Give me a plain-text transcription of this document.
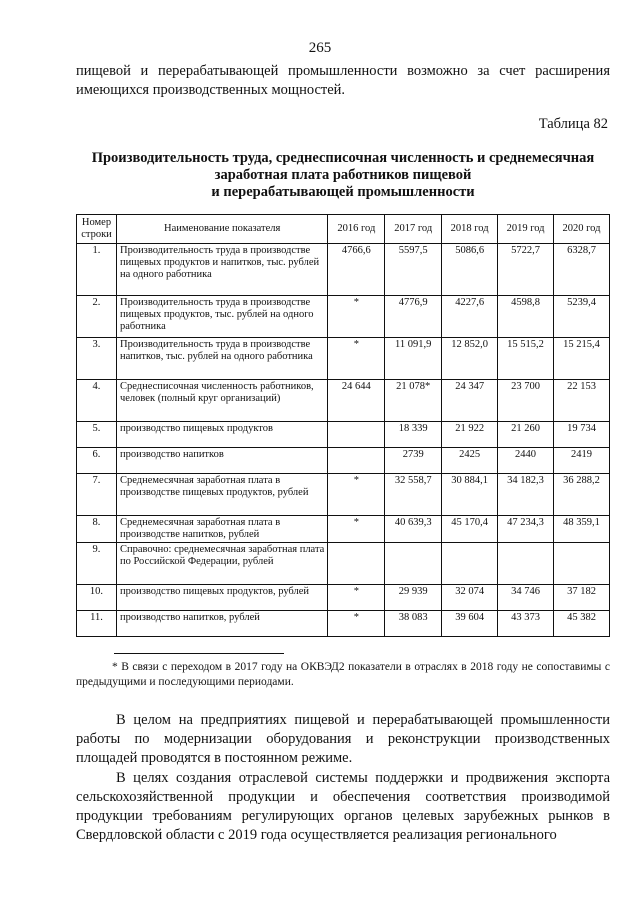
265

пищевой и перерабатывающей промышленности возможно за счет расширения имеющихся производственных мощностей.

Таблица 82
Производительность труда, среднесписочная численность и среднемесячная
заработная плата работников пищевой
и перерабатывающей промышленности
Номер строки	Наименование показателя	2016 год	2017 год	2018 год	2019 год	2020 год
1.	Производительность труда в производстве пищевых продуктов и напитков, тыс. рублей на одного работника	4766,6	5597,5	5086,6	5722,7	6328,7
2.	Производительность труда в производстве пищевых продуктов, тыс. рублей на одного работника	*	4776,9	4227,6	4598,8	5239,4
3.	Производительность труда в производстве напитков, тыс. рублей на одного работника	*	11 091,9	12 852,0	15 515,2	15 215,4
4.	Среднесписочная численность работников, человек (полный круг организаций)	24 644	21 078*	24 347	23 700	22 153
5.	производство пищевых продуктов		18 339	21 922	21 260	19 734
6.	производство напитков		2739	2425	2440	2419
7.	Среднемесячная заработная плата в производстве пищевых продуктов, рублей	*	32 558,7	30 884,1	34 182,3	36 288,2
8.	Среднемесячная заработная плата в производстве напитков, рублей	*	40 639,3	45 170,4	47 234,3	48 359,1
9.	Справочно: среднемесячная заработная плата по Российской Федерации, рублей					
10.	производство пищевых продуктов, рублей	*	29 939	32 074	34 746	37 182
11.	производство напитков, рублей	*	38 083	39 604	43 373	45 382

* В связи с переходом в 2017 году на ОКВЭД2 показатели в отраслях в 2018 году не сопоставимы с предыдущими и последующими периодами.

В целом на предприятиях пищевой и перерабатывающей промышленности работы по модернизации оборудования и реконструкции производственных площадей проводятся в постоянном режиме.

В целях создания отраслевой системы поддержки и продвижения экспорта сельскохозяйственной продукции и обеспечения соответствия производимой продукции требованиям регулирующих органов целевых зарубежных рынков в Свердловской области с 2019 года осуществляется реализация регионального
